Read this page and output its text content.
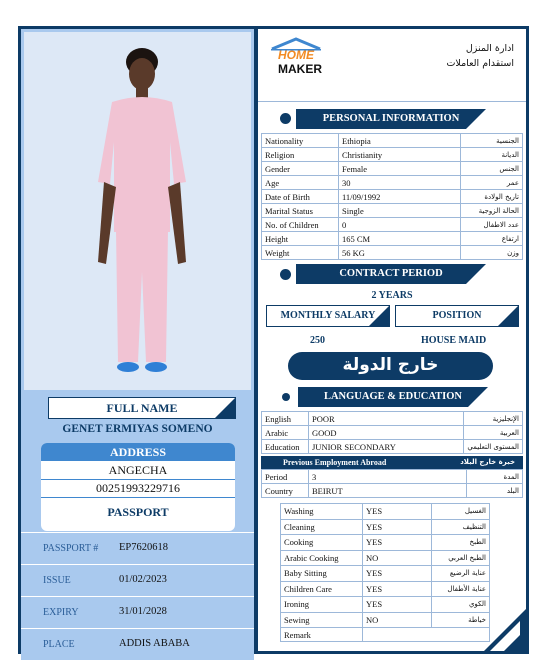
FULL NAME
GENET ERMIYAS SOMENO
ADDRESS
ANGECHA
00251993229716
PASSPORT
PASSPORT # EP7620618
ISSUE	01/02/2023
EXPIRY	31/01/2028
PLACE	ADDIS ABABA
HOME
MAKER
ادارة المنزل
استقدام العاملات
PERSONAL INFORMATION
Nationality	Ethiopia	الجنسية
Religion	Christianity	الديانة
Gender	Female	الجنس
Age	30	عمر
Date of Birth	11/09/1992	تاريخ الولادة
Marital Status	Single	الحالة الزوجية
No. of Children	0	عدد الاطفال
Height	165 CM	ارتفاع
Weight	56 KG	وزن
CONTRACT PERIOD
2 YEARS
MONTHLY SALARY	POSITION
250	HOUSE MAID
خارج الدولة
LANGUAGE & EDUCATION
English	POOR	الإنجليزية
Arabic	GOOD	العربية
Education	JUNIOR SECONDARY	المستوى التعليمي
Previous Employment Abroad	خبرة خارج البلاد
Period	3	المدة
Country	BEIRUT	البلد
Washing	YES	الغسيل
Cleaning	YES	التنظيف
Cooking	YES	الطبخ
Arabic Cooking	NO	الطبخ العربي
Baby Sitting	YES	عناية الرضيع
Children Care	YES	عناية الأطفال
Ironing	YES	الكوي
Sewing	NO	خياطة
Remark		
